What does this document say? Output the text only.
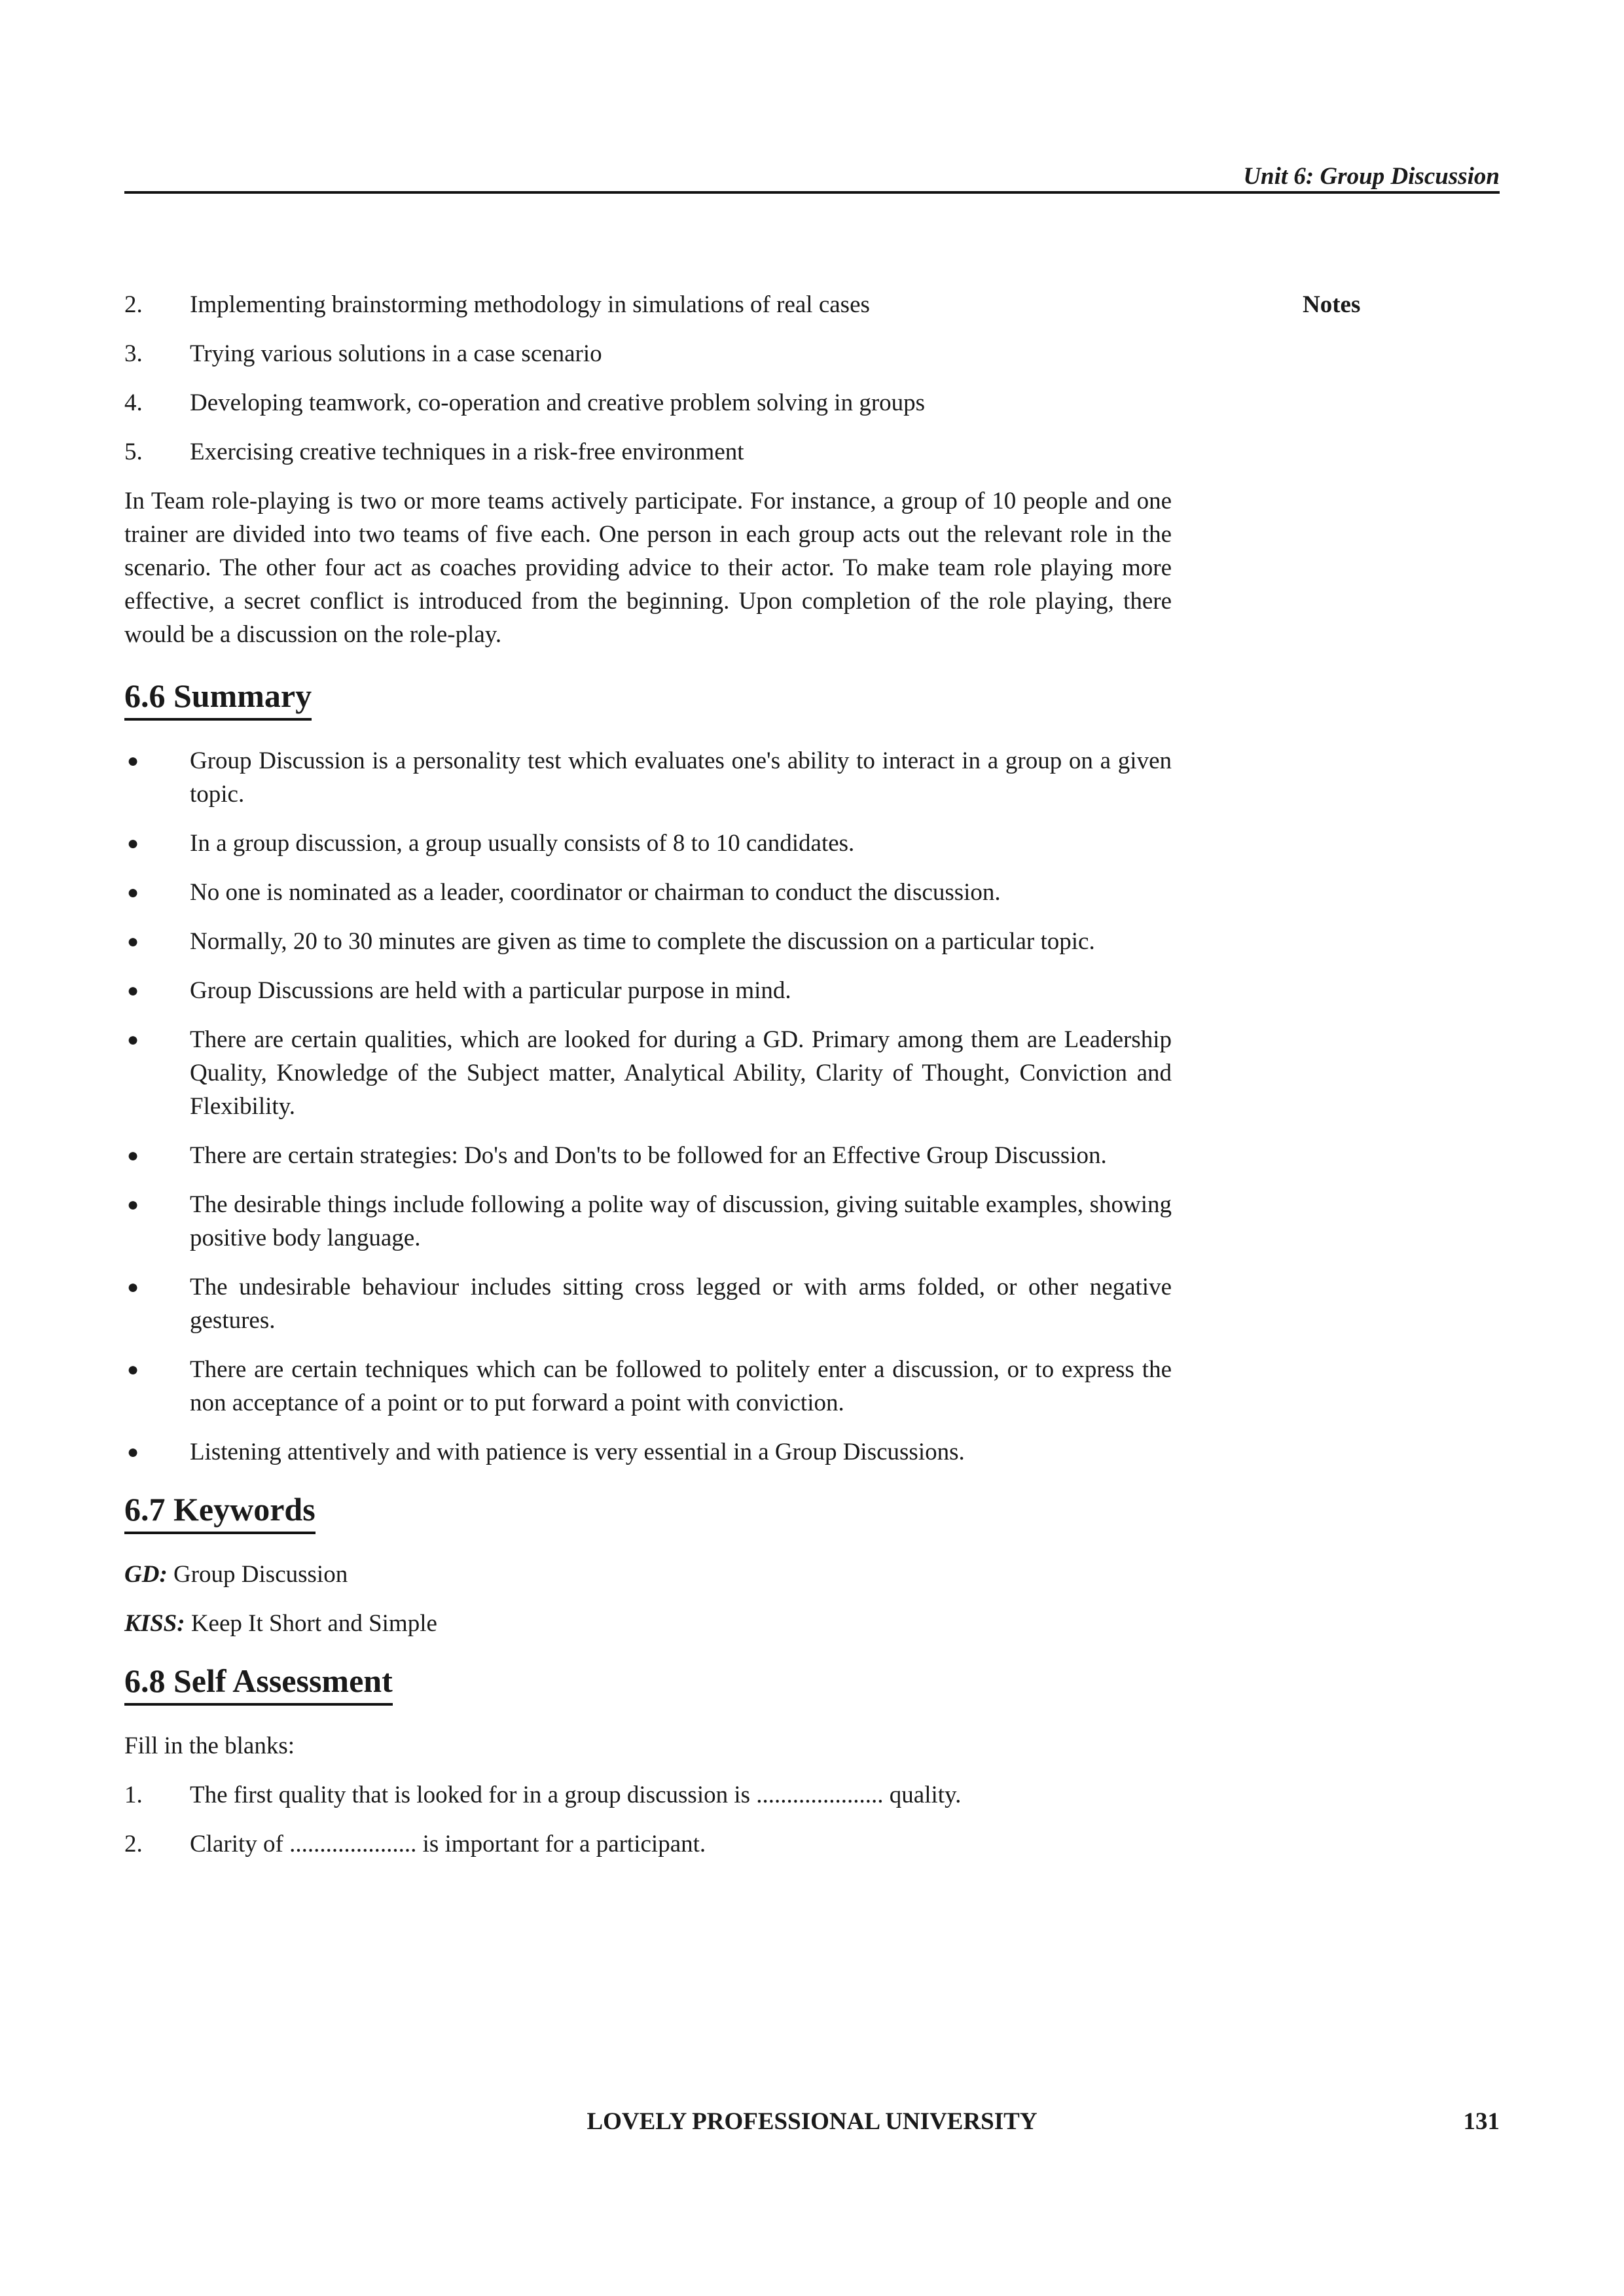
Unit 6: Group Discussion
Notes
2. Implementing brainstorming methodology in simulations of real cases
3. Trying various solutions in a case scenario
4. Developing teamwork, co-operation and creative problem solving in groups
5. Exercising creative techniques in a risk-free environment
In Team role-playing is two or more teams actively participate. For instance, a group of 10 people and one trainer are divided into two teams of five each. One person in each group acts out the relevant role in the scenario. The other four act as coaches providing advice to their actor. To make team role playing more effective, a secret conflict is introduced from the beginning. Upon completion of the role playing, there would be a discussion on the role-play.
6.6 Summary
● Group Discussion is a personality test which evaluates one's ability to interact in a group on a given topic.
● In a group discussion, a group usually consists of 8 to 10 candidates.
● No one is nominated as a leader, coordinator or chairman to conduct the discussion.
● Normally, 20 to 30 minutes are given as time to complete the discussion on a particular topic.
● Group Discussions are held with a particular purpose in mind.
● There are certain qualities, which are looked for during a GD. Primary among them are Leadership Quality, Knowledge of the Subject matter, Analytical Ability, Clarity of Thought, Conviction and Flexibility.
● There are certain strategies: Do's and Don'ts to be followed for an Effective Group Discussion.
● The desirable things include following a polite way of discussion, giving suitable examples, showing positive body language.
● The undesirable behaviour includes sitting cross legged or with arms folded, or other negative gestures.
● There are certain techniques which can be followed to politely enter a discussion, or to express the non acceptance of a point or to put forward a point with conviction.
● Listening attentively and with patience is very essential in a Group Discussions.
6.7 Keywords
GD: Group Discussion
KISS: Keep It Short and Simple
6.8 Self Assessment
Fill in the blanks:
1. The first quality that is looked for in a group discussion is ..................... quality.
2. Clarity of ..................... is important for a participant.
LOVELY PROFESSIONAL UNIVERSITY	131
